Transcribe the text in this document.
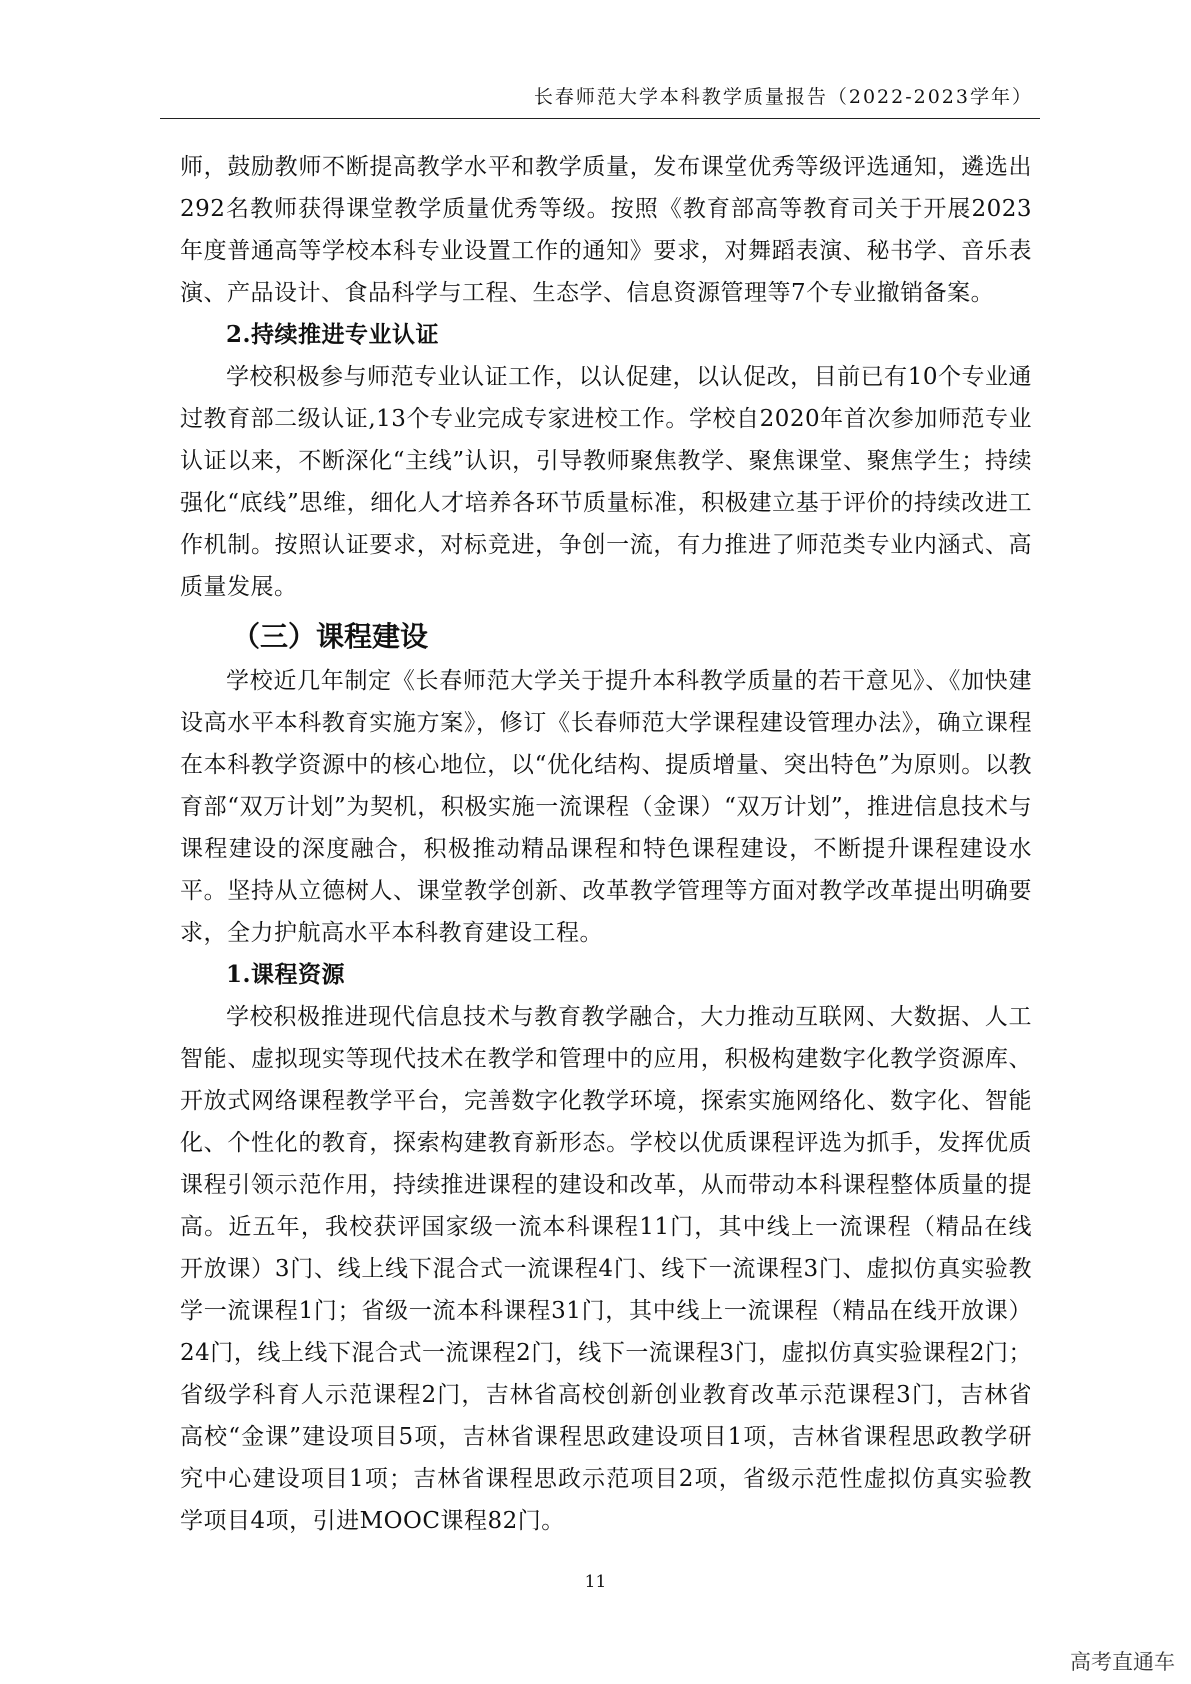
长春师范大学本科教学质量报告（2022-2023学年）

师，鼓励教师不断提高教学水平和教学质量，发布课堂优秀等级评选通知，遴选出292名教师获得课堂教学质量优秀等级。按照《教育部高等教育司关于开展2023年度普通高等学校本科专业设置工作的通知》要求，对舞蹈表演、秘书学、音乐表演、产品设计、食品科学与工程、生态学、信息资源管理等7个专业撤销备案。

2.持续推进专业认证

学校积极参与师范专业认证工作，以认促建，以认促改，目前已有10个专业通过教育部二级认证,13个专业完成专家进校工作。学校自2020年首次参加师范专业认证以来，不断深化“主线”认识，引导教师聚焦教学、聚焦课堂、聚焦学生；持续强化“底线”思维，细化人才培养各环节质量标准，积极建立基于评价的持续改进工作机制。按照认证要求，对标竞进，争创一流，有力推进了师范类专业内涵式、高质量发展。

（三）课程建设

学校近几年制定《长春师范大学关于提升本科教学质量的若干意见》、《加快建设高水平本科教育实施方案》，修订《长春师范大学课程建设管理办法》，确立课程在本科教学资源中的核心地位，以“优化结构、提质增量、突出特色”为原则。以教育部“双万计划”为契机，积极实施一流课程（金课）“双万计划”，推进信息技术与课程建设的深度融合，积极推动精品课程和特色课程建设，不断提升课程建设水平。坚持从立德树人、课堂教学创新、改革教学管理等方面对教学改革提出明确要求，全力护航高水平本科教育建设工程。

1.课程资源

学校积极推进现代信息技术与教育教学融合，大力推动互联网、大数据、人工智能、虚拟现实等现代技术在教学和管理中的应用，积极构建数字化教学资源库、开放式网络课程教学平台，完善数字化教学环境，探索实施网络化、数字化、智能化、个性化的教育，探索构建教育新形态。学校以优质课程评选为抓手，发挥优质课程引领示范作用，持续推进课程的建设和改革，从而带动本科课程整体质量的提高。近五年，我校获评国家级一流本科课程11门，其中线上一流课程（精品在线开放课）3门、线上线下混合式一流课程4门、线下一流课程3门、虚拟仿真实验教学一流课程1门；省级一流本科课程31门，其中线上一流课程（精品在线开放课）24门，线上线下混合式一流课程2门，线下一流课程3门，虚拟仿真实验课程2门；省级学科育人示范课程2门，吉林省高校创新创业教育改革示范课程3门，吉林省高校“金课”建设项目5项，吉林省课程思政建设项目1项，吉林省课程思政教学研究中心建设项目1项；吉林省课程思政示范项目2项，省级示范性虚拟仿真实验教学项目4项，引进MOOC课程82门。

11
高考直通车
